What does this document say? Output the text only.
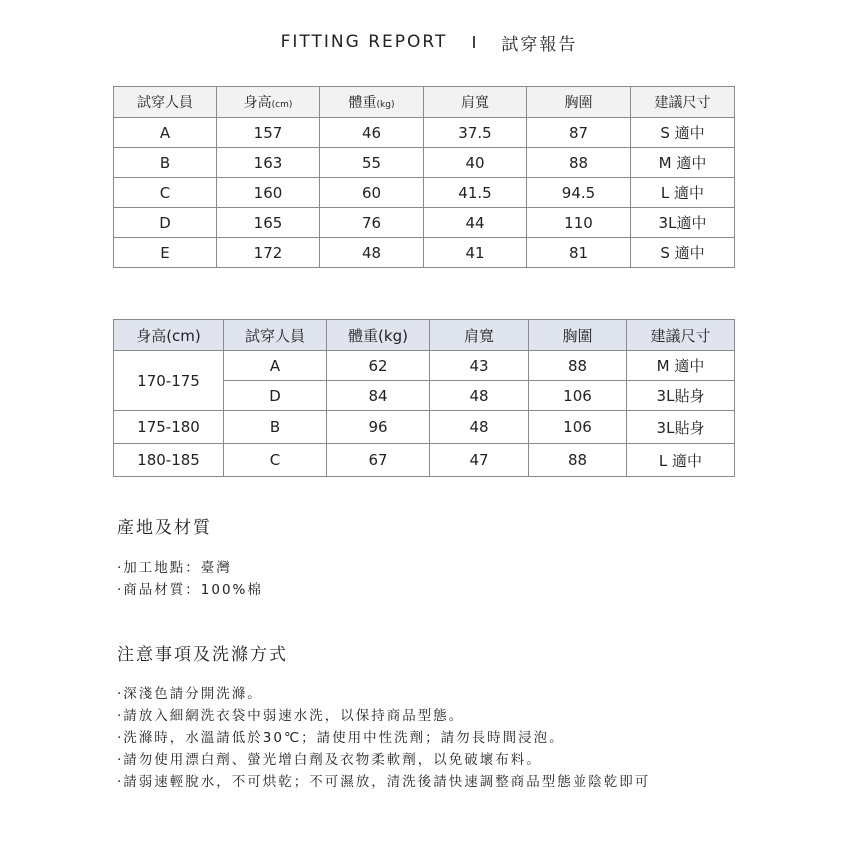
FITTING REPORT	試穿報告
試穿人員	身高(cm)	體重(kg)	肩寬	胸圍	建議尺寸
A	157	46	37.5	87	S 適中
B	163	55	40	88	M 適中
C	160	60	41.5	94.5	L 適中
D	165	76	44	110	3L適中
E	172	48	41	81	S 適中
身高(cm)	試穿人員	體重(kg)	肩寬	胸圍	建議尺寸
170-175	A	62	43	88	M 適中
	D	84	48	106	3L貼身
175-180	B	96	48	106	3L貼身
180-185	C	67	47	88	L 適中
產地及材質
‧加工地點：臺灣
‧商品材質：100%棉
注意事項及洗滌方式
‧深淺色請分開洗滌。
‧請放入細網洗衣袋中弱速水洗，以保持商品型態。
‧洗滌時，水溫請低於30℃；請使用中性洗劑；請勿長時間浸泡。
‧請勿使用漂白劑、螢光增白劑及衣物柔軟劑，以免破壞布料。
‧請弱速輕脫水，不可烘乾；不可濕放，清洗後請快速調整商品型態並陰乾即可
